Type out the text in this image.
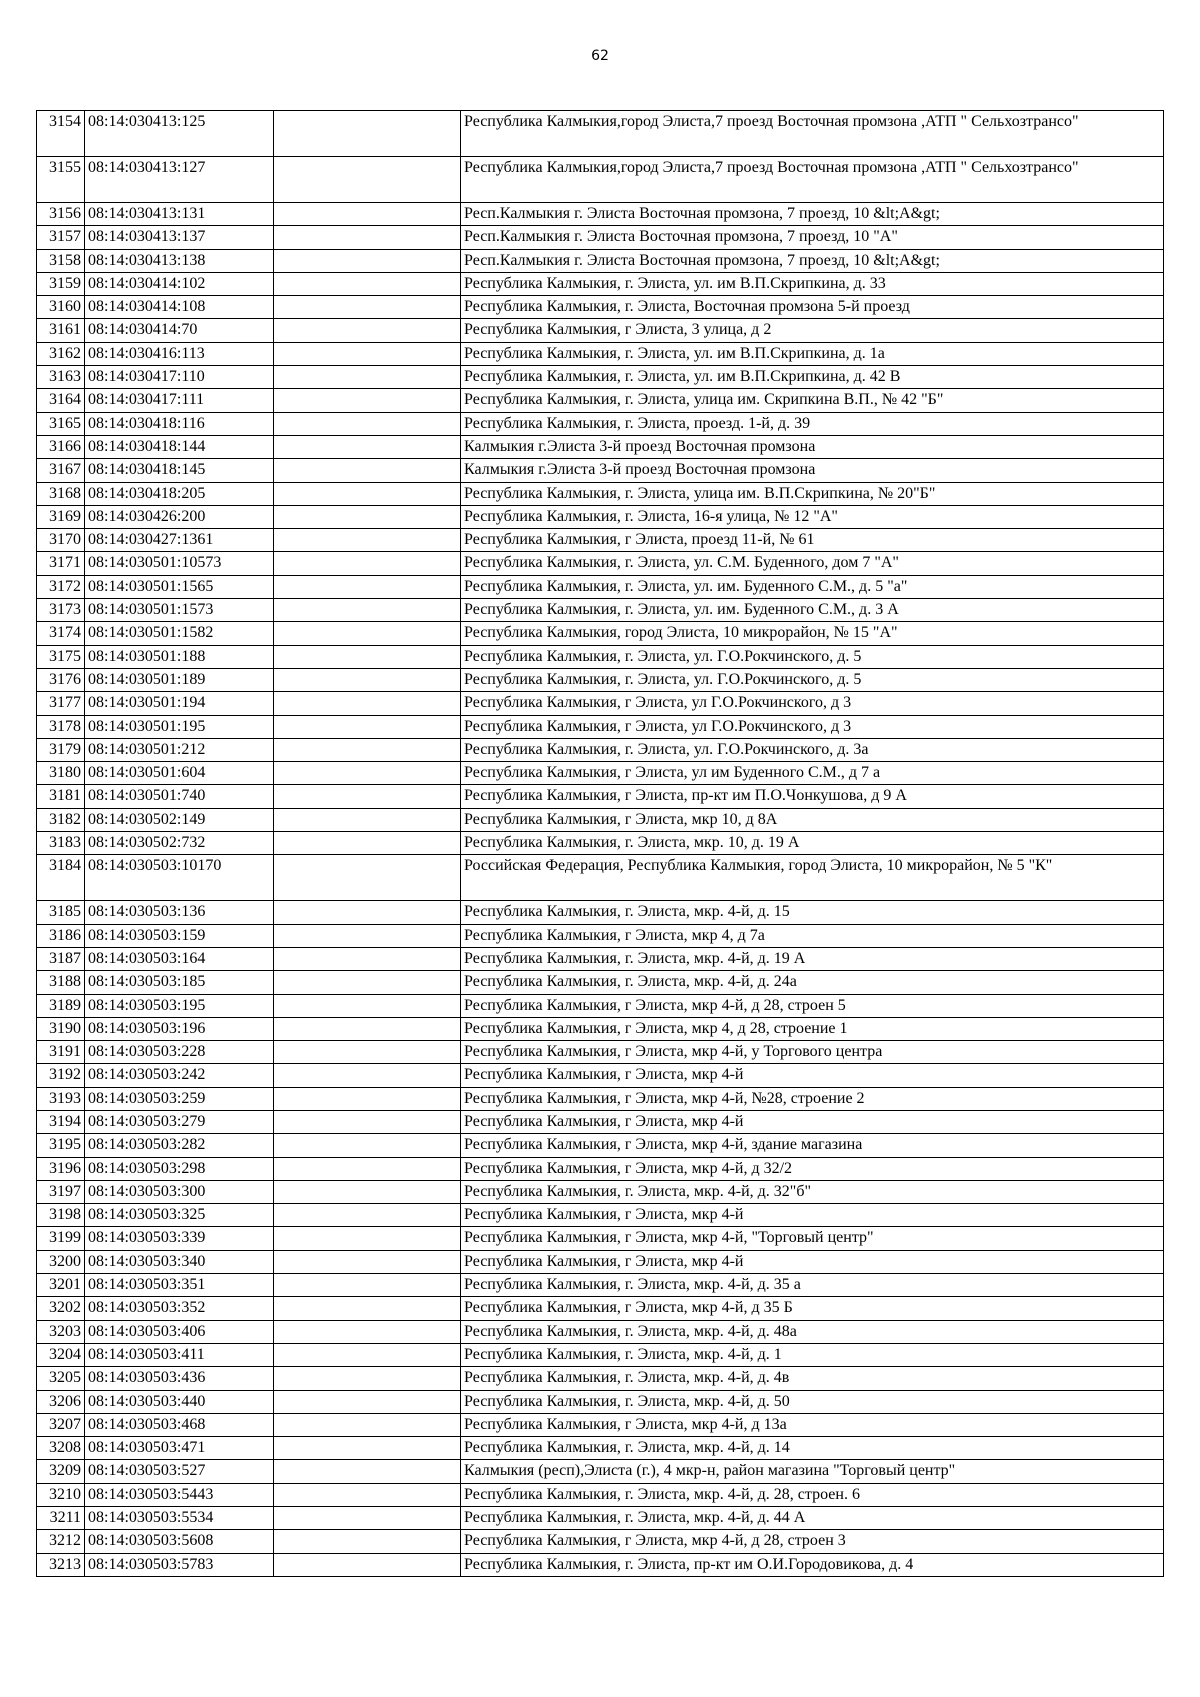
62
3154	08:14:030413:125		Республика Калмыкия,город Элиста,7 проезд Восточная промзона ,АТП " Сельхозтрансо"
3155	08:14:030413:127		Республика Калмыкия,город Элиста,7 проезд Восточная промзона ,АТП " Сельхозтрансо"
3156	08:14:030413:131		Респ.Калмыкия г. Элиста Восточная промзона, 7 проезд, 10 &lt;А&gt;
3157	08:14:030413:137		Респ.Калмыкия г. Элиста Восточная промзона, 7 проезд, 10 "А"
3158	08:14:030413:138		Респ.Калмыкия г. Элиста Восточная промзона, 7 проезд, 10 &lt;А&gt;
3159	08:14:030414:102		Республика Калмыкия, г. Элиста, ул. им В.П.Скрипкина, д. 33
3160	08:14:030414:108		Республика Калмыкия, г. Элиста, Восточная промзона 5-й проезд
3161	08:14:030414:70		Республика Калмыкия, г Элиста, 3 улица, д 2
3162	08:14:030416:113		Республика Калмыкия, г. Элиста, ул. им В.П.Скрипкина, д. 1а
3163	08:14:030417:110		Республика Калмыкия, г. Элиста, ул. им В.П.Скрипкина, д. 42 В
3164	08:14:030417:111		Республика Калмыкия, г. Элиста, улица им. Скрипкина В.П., № 42 "Б"
3165	08:14:030418:116		Республика Калмыкия, г. Элиста, проезд. 1-й, д. 39
3166	08:14:030418:144		Калмыкия г.Элиста 3-й проезд Восточная промзона
3167	08:14:030418:145		Калмыкия г.Элиста 3-й проезд Восточная промзона
3168	08:14:030418:205		Республика Калмыкия, г. Элиста, улица им. В.П.Скрипкина, № 20"Б"
3169	08:14:030426:200		Республика Калмыкия, г. Элиста, 16-я улица, № 12 "А"
3170	08:14:030427:1361		Республика Калмыкия, г Элиста, проезд 11-й, № 61
3171	08:14:030501:10573		Республика Калмыкия, г. Элиста, ул. С.М. Буденного, дом 7 "А"
3172	08:14:030501:1565		Республика Калмыкия, г. Элиста, ул. им. Буденного С.М., д. 5 "а"
3173	08:14:030501:1573		Республика Калмыкия, г. Элиста, ул. им. Буденного С.М., д. 3 А
3174	08:14:030501:1582		Республика Калмыкия, город Элиста, 10 микрорайон, № 15 "А"
3175	08:14:030501:188		Республика Калмыкия, г. Элиста, ул. Г.О.Рокчинского, д. 5
3176	08:14:030501:189		Республика Калмыкия, г. Элиста, ул. Г.О.Рокчинского, д. 5
3177	08:14:030501:194		Республика Калмыкия, г Элиста, ул Г.О.Рокчинского, д 3
3178	08:14:030501:195		Республика Калмыкия, г Элиста, ул Г.О.Рокчинского, д 3
3179	08:14:030501:212		Республика Калмыкия, г. Элиста, ул. Г.О.Рокчинского, д. 3а
3180	08:14:030501:604		Республика Калмыкия, г Элиста, ул им Буденного С.М., д 7 а
3181	08:14:030501:740		Республика Калмыкия, г Элиста, пр-кт им П.О.Чонкушова, д 9 А
3182	08:14:030502:149		Республика Калмыкия, г Элиста, мкр 10, д 8А
3183	08:14:030502:732		Республика Калмыкия, г. Элиста, мкр. 10, д. 19 А
3184	08:14:030503:10170		Российская Федерация, Республика Калмыкия, город Элиста, 10 микрорайон, № 5 "К"
3185	08:14:030503:136		Республика Калмыкия, г. Элиста, мкр. 4-й, д. 15
3186	08:14:030503:159		Республика Калмыкия, г Элиста, мкр 4, д 7а
3187	08:14:030503:164		Республика Калмыкия, г. Элиста, мкр. 4-й, д. 19 А
3188	08:14:030503:185		Республика Калмыкия, г. Элиста, мкр. 4-й, д. 24а
3189	08:14:030503:195		Республика Калмыкия, г Элиста, мкр 4-й, д 28, строен 5
3190	08:14:030503:196		Республика Калмыкия, г Элиста, мкр 4, д 28, строение 1
3191	08:14:030503:228		Республика Калмыкия, г Элиста, мкр 4-й, у Торгового центра
3192	08:14:030503:242		Республика Калмыкия, г Элиста, мкр 4-й
3193	08:14:030503:259		Республика Калмыкия, г Элиста, мкр 4-й, №28, строение 2
3194	08:14:030503:279		Республика Калмыкия, г Элиста, мкр 4-й
3195	08:14:030503:282		Республика Калмыкия, г Элиста, мкр 4-й, здание магазина
3196	08:14:030503:298		Республика Калмыкия, г Элиста, мкр 4-й, д 32/2
3197	08:14:030503:300		Республика Калмыкия, г. Элиста, мкр. 4-й, д. 32"б"
3198	08:14:030503:325		Республика Калмыкия, г Элиста, мкр 4-й
3199	08:14:030503:339		Республика Калмыкия, г Элиста, мкр 4-й, "Торговый центр"
3200	08:14:030503:340		Республика Калмыкия, г Элиста, мкр 4-й
3201	08:14:030503:351		Республика Калмыкия, г. Элиста, мкр. 4-й, д. 35 а
3202	08:14:030503:352		Республика Калмыкия, г Элиста, мкр 4-й, д 35 Б
3203	08:14:030503:406		Республика Калмыкия, г. Элиста, мкр. 4-й, д. 48а
3204	08:14:030503:411		Республика Калмыкия, г. Элиста, мкр. 4-й, д. 1
3205	08:14:030503:436		Республика Калмыкия, г. Элиста, мкр. 4-й, д. 4в
3206	08:14:030503:440		Республика Калмыкия, г. Элиста, мкр. 4-й, д. 50
3207	08:14:030503:468		Республика Калмыкия, г Элиста, мкр 4-й, д 13а
3208	08:14:030503:471		Республика Калмыкия, г. Элиста, мкр. 4-й, д. 14
3209	08:14:030503:527		Калмыкия (респ),Элиста (г.), 4 мкр-н, район магазина "Торговый центр"
3210	08:14:030503:5443		Республика Калмыкия, г. Элиста, мкр. 4-й, д. 28, строен. 6
3211	08:14:030503:5534		Республика Калмыкия, г. Элиста, мкр. 4-й, д. 44 А
3212	08:14:030503:5608		Республика Калмыкия, г Элиста, мкр 4-й, д 28, строен 3
3213	08:14:030503:5783		Республика Калмыкия, г. Элиста, пр-кт им О.И.Городовикова, д. 4
